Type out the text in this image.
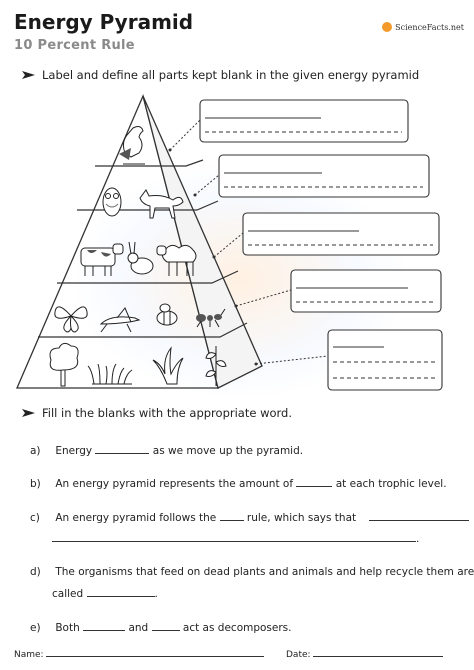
Energy Pyramid
10 Percent Rule
ScienceFacts.net
Label and define all parts kept blank in the given energy pyramid
Fill in the blanks with the appropriate word.
a) Energy	as we move up the pyramid.
b) An energy pyramid represents the amount of	at each trophic level.
c) An energy pyramid follows the	rule, which says that
.
d) The organisms that feed on dead plants and animals and help recycle them are
called	.
e) Both	and	act as decomposers.
Name:	Date:
